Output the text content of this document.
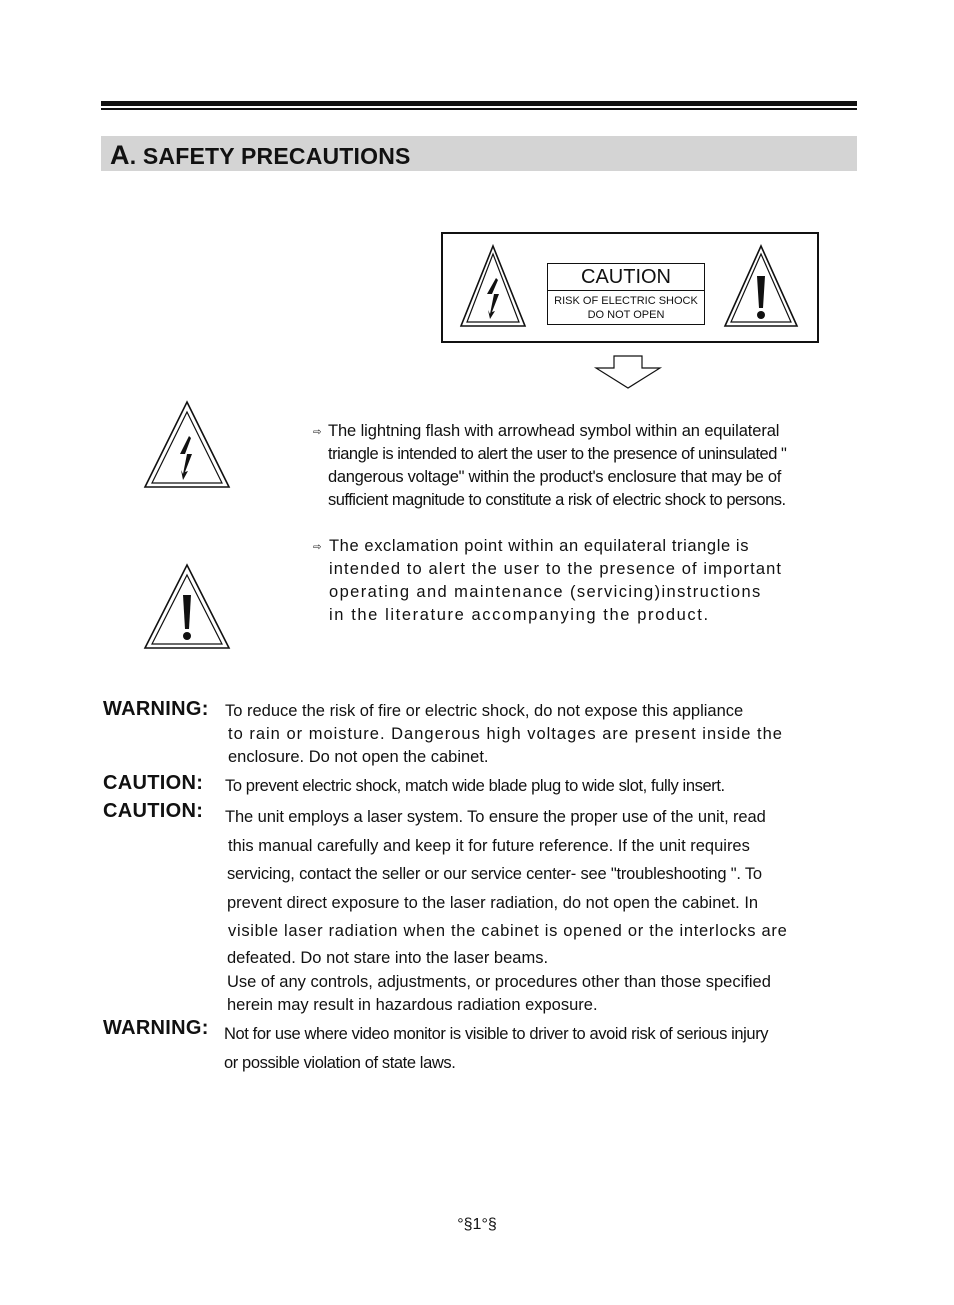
A. SAFETY PRECAUTIONS
CAUTION
RISK OF ELECTRIC SHOCK
DO NOT OPEN
⇨ The lightning flash with arrowhead symbol within an equilateral
triangle is intended to alert the user to the presence of uninsulated "
dangerous voltage" within the product's enclosure that may be of
sufficient magnitude to constitute a risk of electric shock to persons.
⇨ The exclamation point within an equilateral triangle is
intended to alert the user to the presence of important
operating and maintenance (servicing)instructions
in the literature accompanying the product.
WARNING: To reduce the risk of fire or electric shock, do not expose this appliance
to rain or moisture. Dangerous high voltages are present inside the
enclosure. Do not open the cabinet.
CAUTION: To prevent electric shock, match wide blade plug to wide slot, fully insert.
CAUTION: The unit employs a laser system. To ensure the proper use of the unit, read
this manual carefully and keep it for future reference. If the unit requires
servicing, contact the seller or our service center- see "troubleshooting ". To
prevent direct exposure to the laser radiation, do not open the cabinet. In
visible laser radiation when the cabinet is opened or the interlocks are
defeated. Do not stare into the laser beams.
Use of any controls, adjustments, or procedures other than those specified
herein may result in hazardous radiation exposure.
WARNING: Not for use where video monitor is visible to driver to avoid risk of serious injury
or possible violation of state laws.
°§1°§
